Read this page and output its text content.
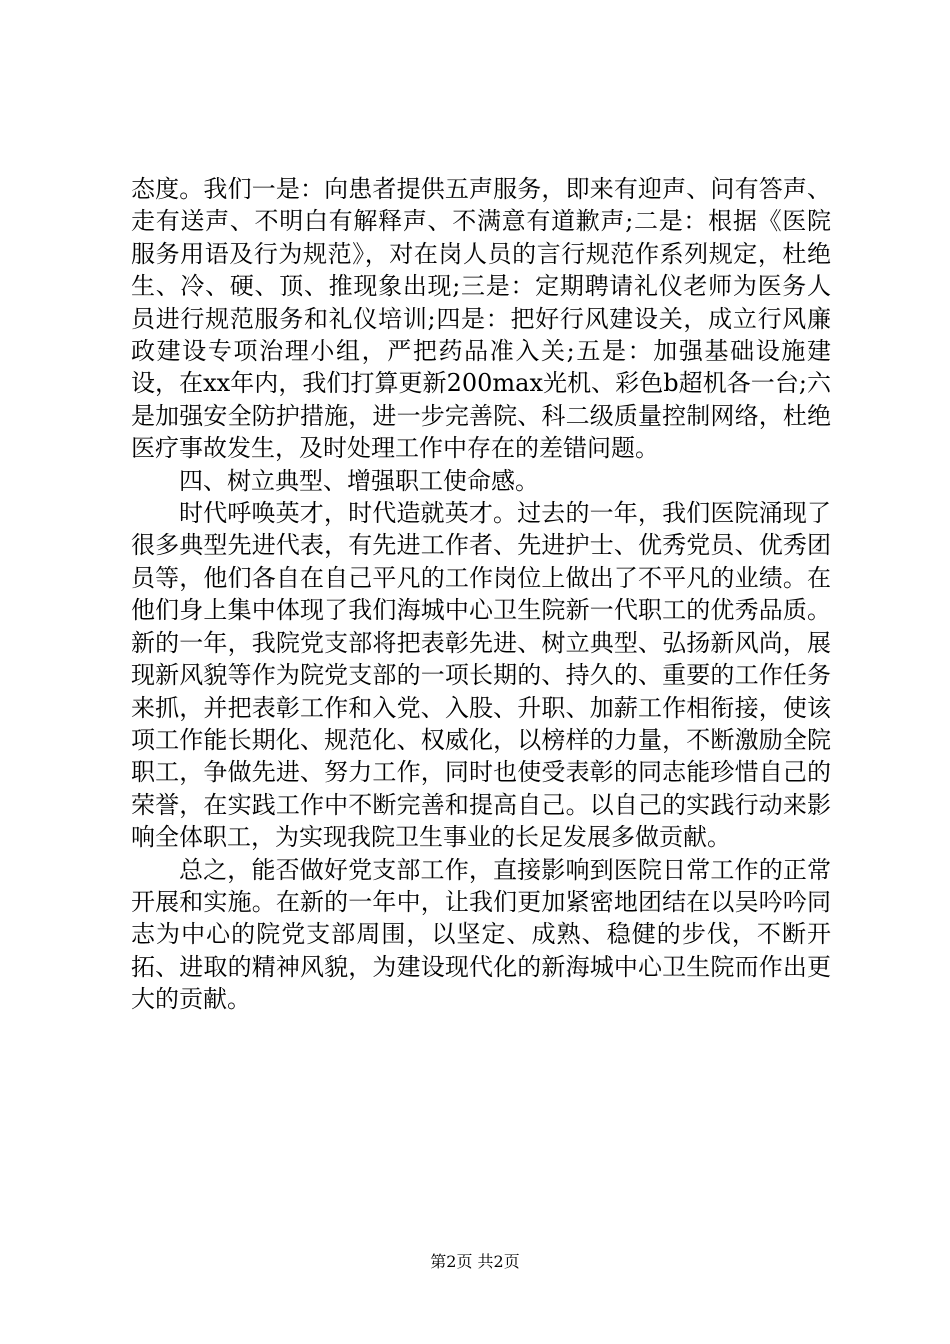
态度。我们一是：向患者提供五声服务，即来有迎声、问有答声、走有送声、不明白有解释声、不满意有道歉声;二是：根据《医院服务用语及行为规范》，对在岗人员的言行规范作系列规定，杜绝生、冷、硬、顶、推现象出现;三是：定期聘请礼仪老师为医务人员进行规范服务和礼仪培训;四是：把好行风建设关，成立行风廉政建设专项治理小组，严把药品准入关;五是：加强基础设施建设，在xx年内，我们打算更新200max光机、彩色b超机各一台;六是加强安全防护措施，进一步完善院、科二级质量控制网络，杜绝医疗事故发生，及时处理工作中存在的差错问题。

四、树立典型、增强职工使命感。

时代呼唤英才，时代造就英才。过去的一年，我们医院涌现了很多典型先进代表，有先进工作者、先进护士、优秀党员、优秀团员等，他们各自在自己平凡的工作岗位上做出了不平凡的业绩。在他们身上集中体现了我们海城中心卫生院新一代职工的优秀品质。新的一年，我院党支部将把表彰先进、树立典型、弘扬新风尚，展现新风貌等作为院党支部的一项长期的、持久的、重要的工作任务来抓，并把表彰工作和入党、入股、升职、加薪工作相衔接，使该项工作能长期化、规范化、权威化，以榜样的力量，不断激励全院职工，争做先进、努力工作，同时也使受表彰的同志能珍惜自己的荣誉，在实践工作中不断完善和提高自己。以自己的实践行动来影响全体职工，为实现我院卫生事业的长足发展多做贡献。

总之，能否做好党支部工作，直接影响到医院日常工作的正常开展和实施。在新的一年中，让我们更加紧密地团结在以吴吟吟同志为中心的院党支部周围，以坚定、成熟、稳健的步伐，不断开拓、进取的精神风貌，为建设现代化的新海城中心卫生院而作出更大的贡献。

第2页 共2页
